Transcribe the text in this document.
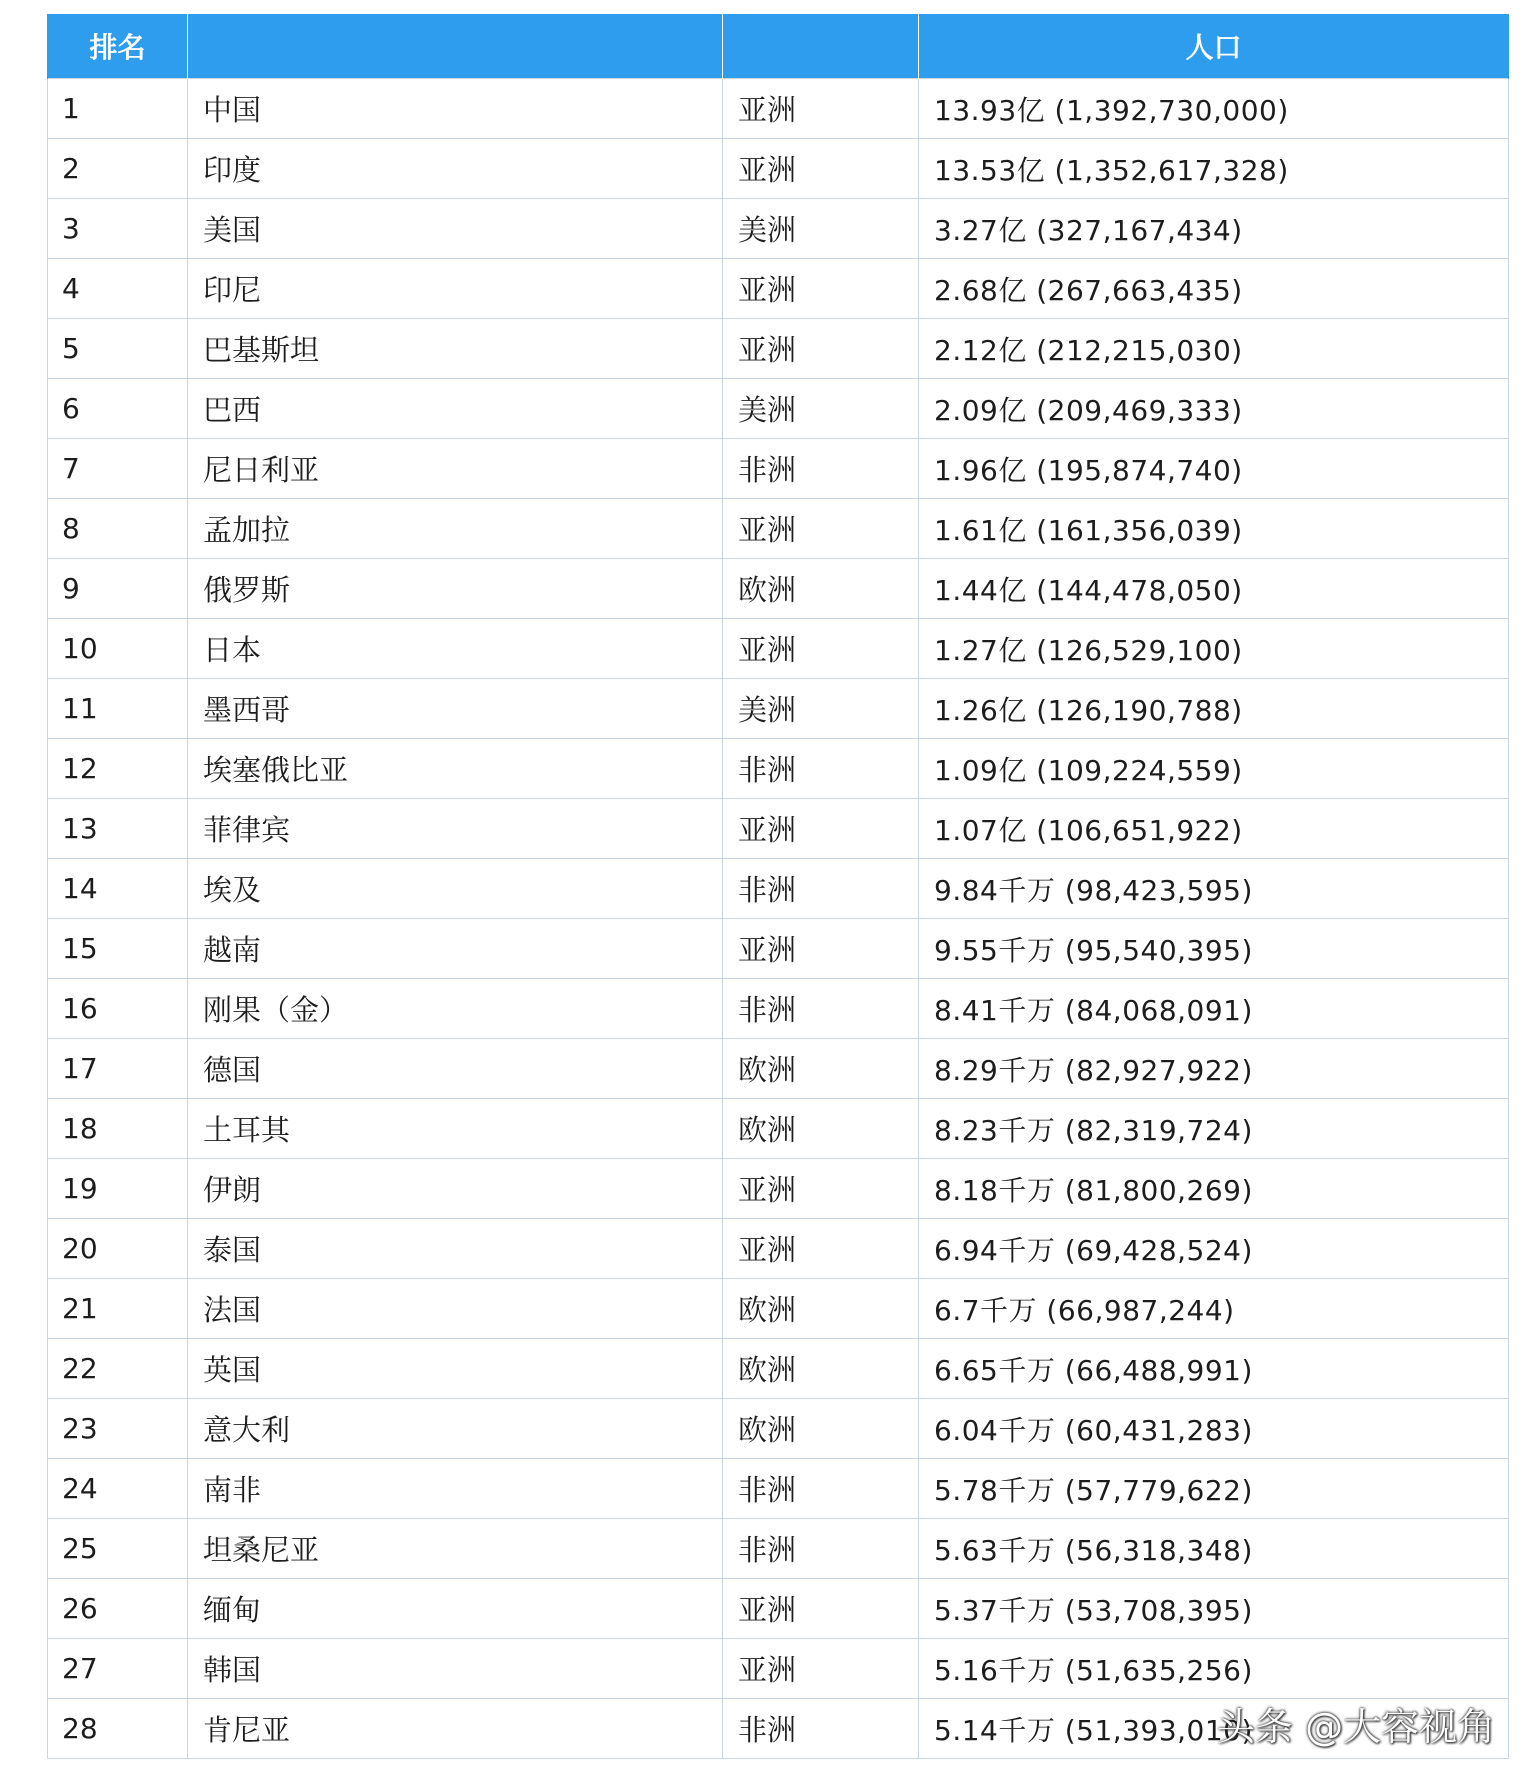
排名			人口
1	中国	亚洲	13.93亿 (1,392,730,000)
2	印度	亚洲	13.53亿 (1,352,617,328)
3	美国	美洲	3.27亿 (327,167,434)
4	印尼	亚洲	2.68亿 (267,663,435)
5	巴基斯坦	亚洲	2.12亿 (212,215,030)
6	巴西	美洲	2.09亿 (209,469,333)
7	尼日利亚	非洲	1.96亿 (195,874,740)
8	孟加拉	亚洲	1.61亿 (161,356,039)
9	俄罗斯	欧洲	1.44亿 (144,478,050)
10	日本	亚洲	1.27亿 (126,529,100)
11	墨西哥	美洲	1.26亿 (126,190,788)
12	埃塞俄比亚	非洲	1.09亿 (109,224,559)
13	菲律宾	亚洲	1.07亿 (106,651,922)
14	埃及	非洲	9.84千万 (98,423,595)
15	越南	亚洲	9.55千万 (95,540,395)
16	刚果（金）	非洲	8.41千万 (84,068,091)
17	德国	欧洲	8.29千万 (82,927,922)
18	土耳其	欧洲	8.23千万 (82,319,724)
19	伊朗	亚洲	8.18千万 (81,800,269)
20	泰国	亚洲	6.94千万 (69,428,524)
21	法国	欧洲	6.7千万 (66,987,244)
22	英国	欧洲	6.65千万 (66,488,991)
23	意大利	欧洲	6.04千万 (60,431,283)
24	南非	非洲	5.78千万 (57,779,622)
25	坦桑尼亚	非洲	5.63千万 (56,318,348)
26	缅甸	亚洲	5.37千万 (53,708,395)
27	韩国	亚洲	5.16千万 (51,635,256)
28	肯尼亚	非洲	5.14千万 (51,393,010)
头条 @大容视角
